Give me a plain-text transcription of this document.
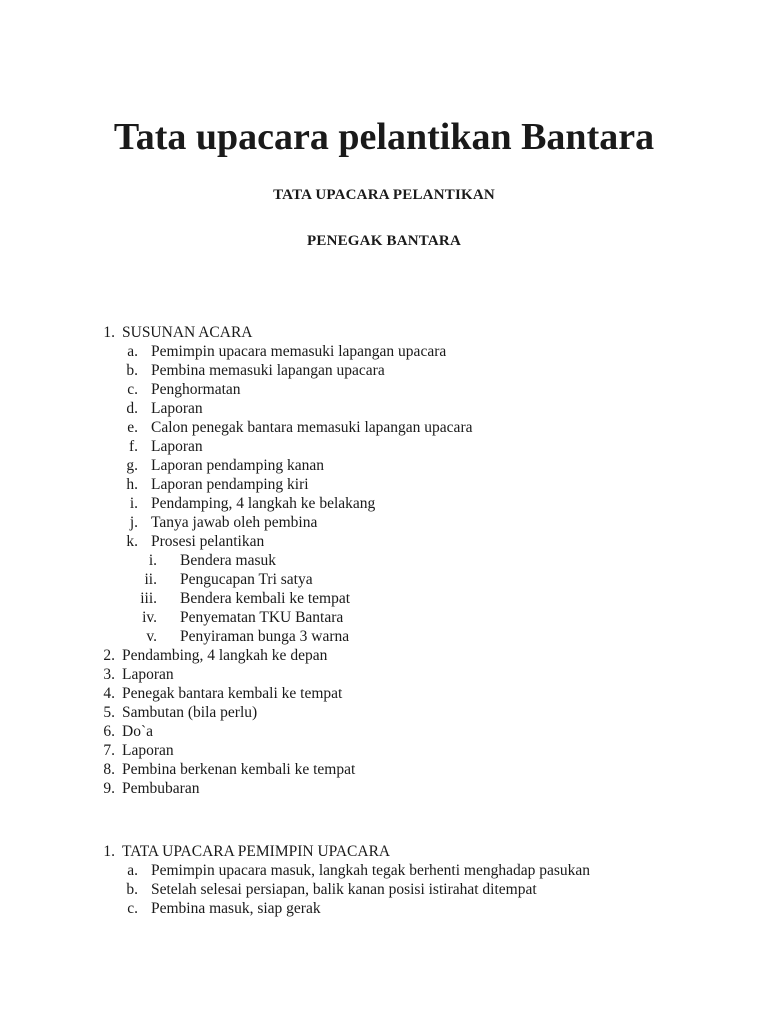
Tata upacara pelantikan Bantara

TATA UPACARA PELANTIKAN

PENEGAK BANTARA

1. SUSUNAN ACARA
a. Pemimpin upacara memasuki lapangan upacara
b. Pembina memasuki lapangan upacara
c. Penghormatan
d. Laporan
e. Calon penegak bantara memasuki lapangan upacara
f. Laporan
g. Laporan pendamping kanan
h. Laporan pendamping kiri
i. Pendamping, 4 langkah ke belakang
j. Tanya jawab oleh pembina
k. Prosesi pelantikan
i. Bendera masuk
ii. Pengucapan Tri satya
iii. Bendera kembali ke tempat
iv. Penyematan TKU Bantara
v. Penyiraman bunga 3 warna
2. Pendambing, 4 langkah ke depan
3. Laporan
4. Penegak bantara kembali ke tempat
5. Sambutan (bila perlu)
6. Do`a
7. Laporan
8. Pembina berkenan kembali ke tempat
9. Pembubaran
1. TATA UPACARA PEMIMPIN UPACARA
a. Pemimpin upacara masuk, langkah tegak berhenti menghadap pasukan
b. Setelah selesai persiapan, balik kanan posisi istirahat ditempat
c. Pembina masuk, siap gerak
